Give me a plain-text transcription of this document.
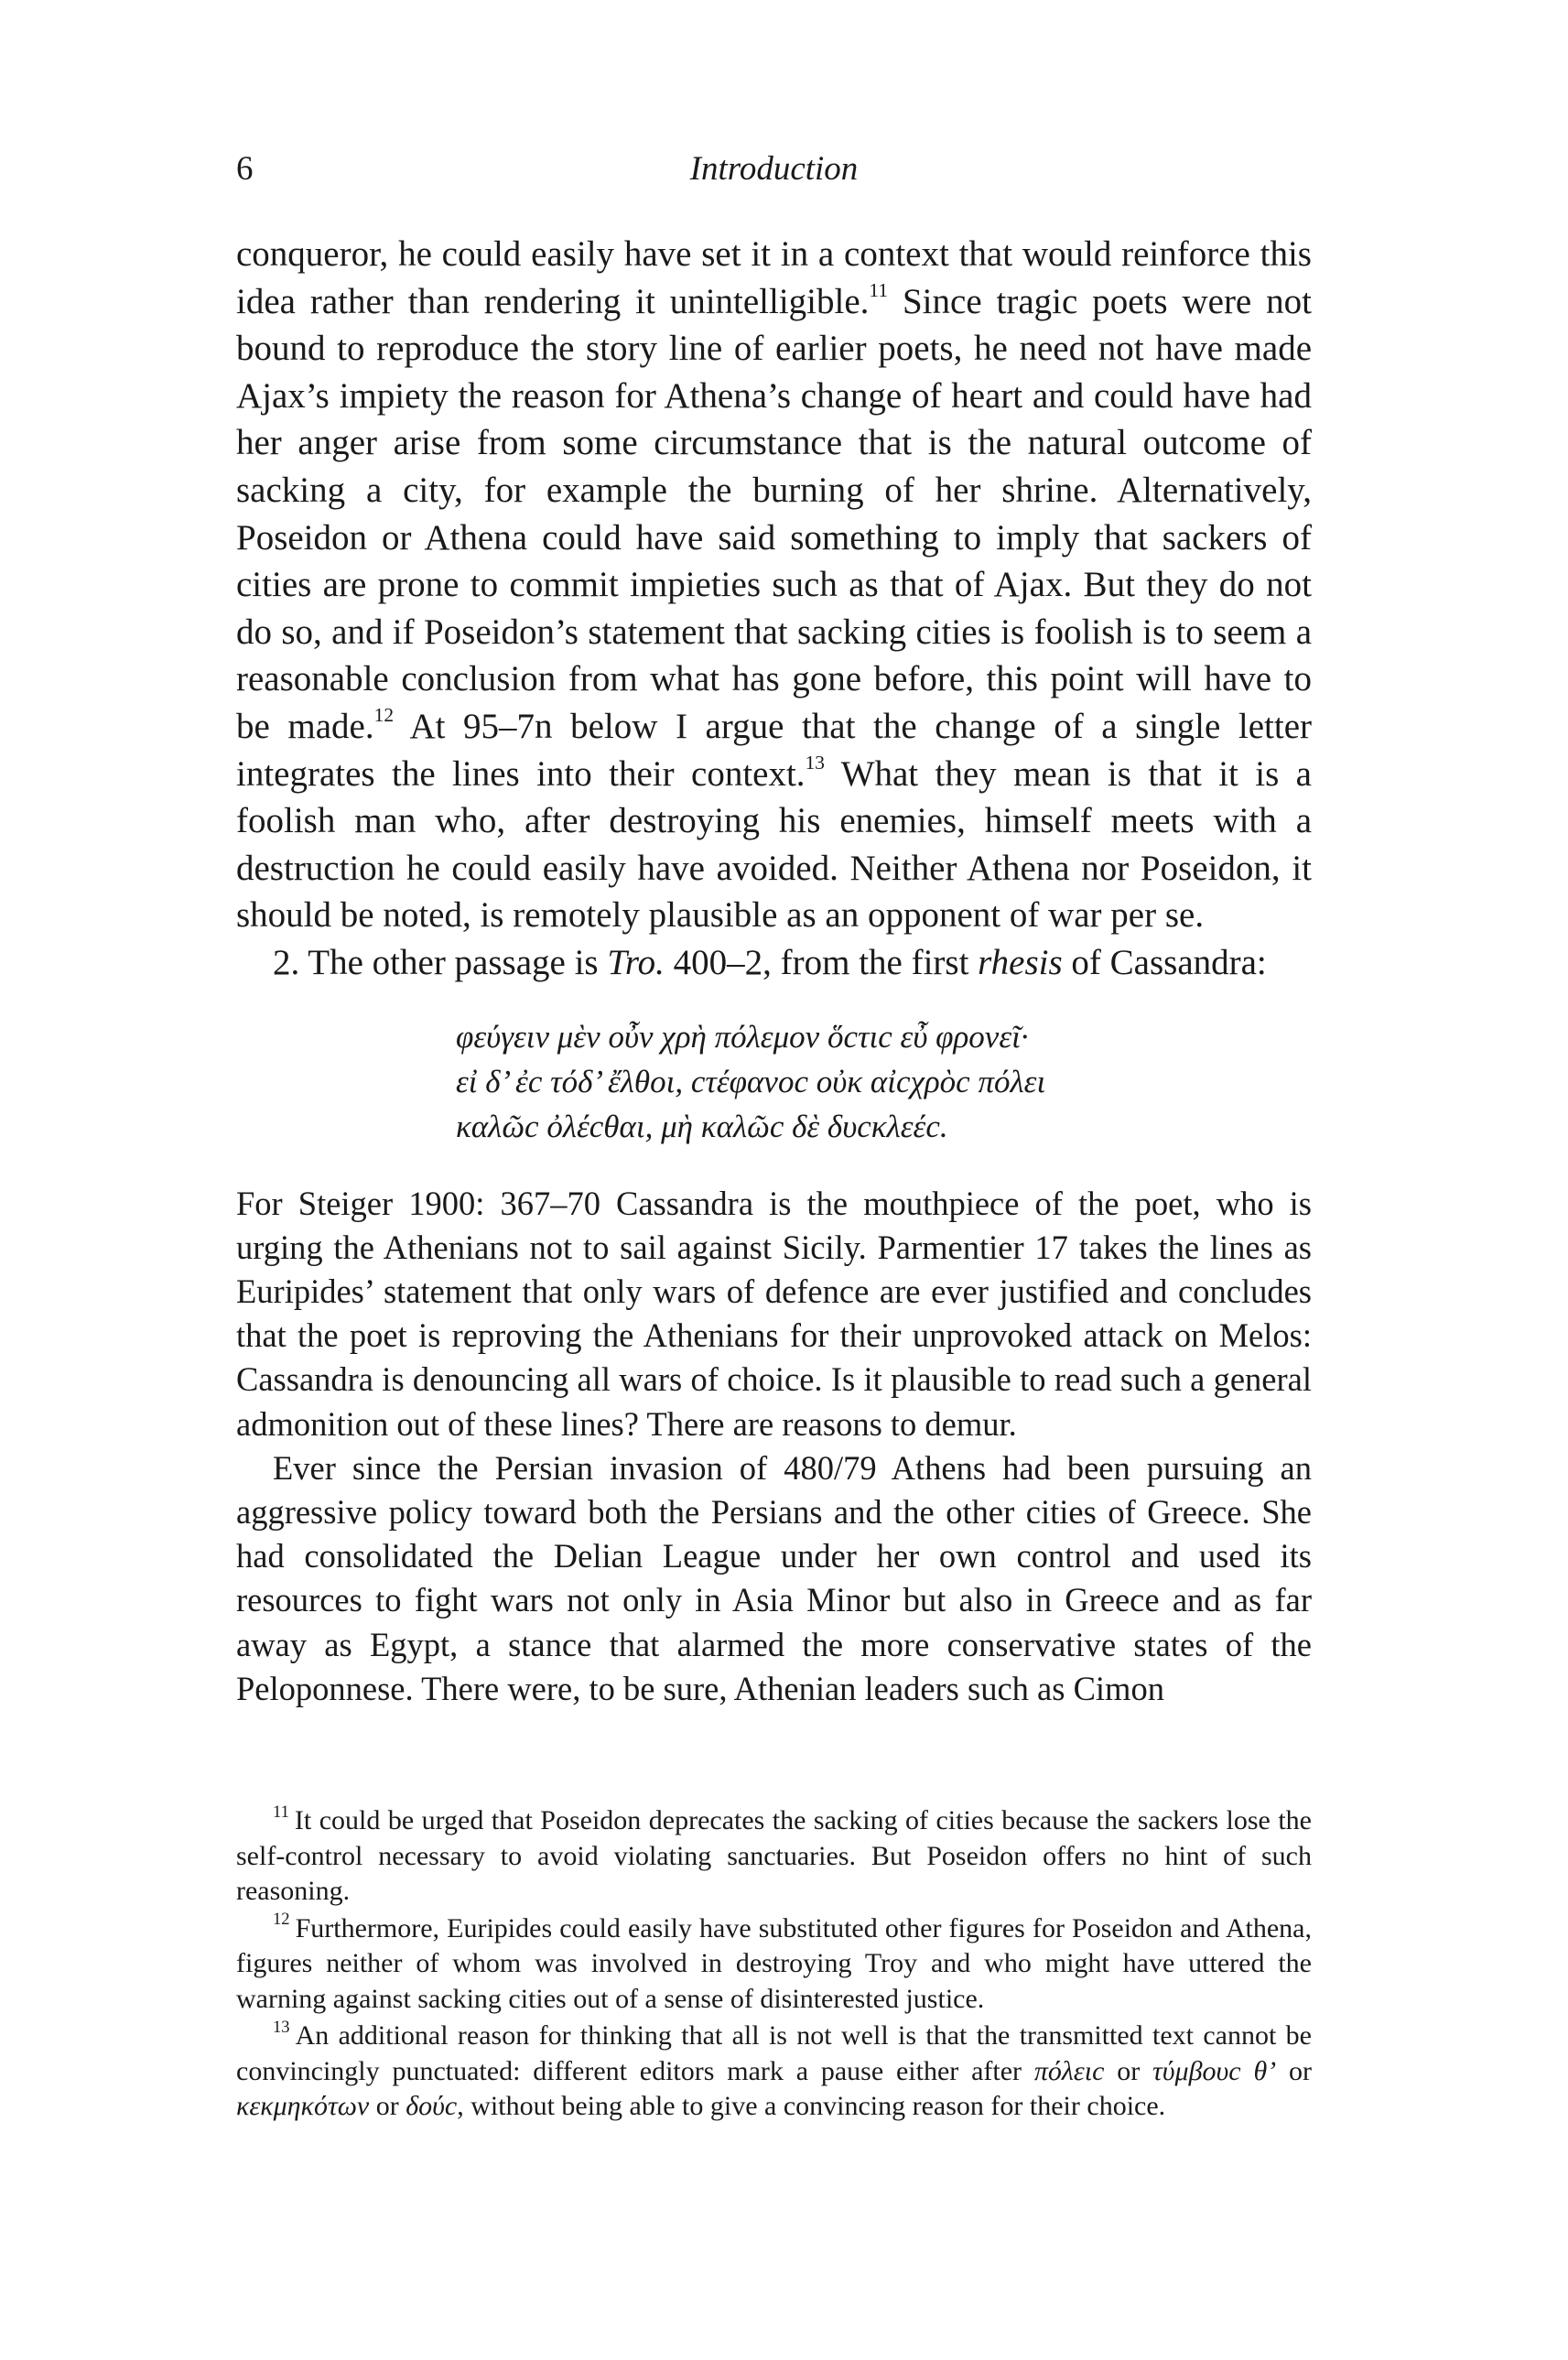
6	Introduction

conqueror, he could easily have set it in a context that would reinforce this idea rather than rendering it unintelligible.$^{11}$ Since tragic poets were not bound to reproduce the story line of earlier poets, he need not have made Ajax’s impiety the reason for Athena’s change of heart and could have had her anger arise from some circumstance that is the natural outcome of sacking a city, for example the burning of her shrine. Alternatively, Poseidon or Athena could have said something to imply that sackers of cities are prone to commit impieties such as that of Ajax. But they do not do so, and if Poseidon’s statement that sacking cities is foolish is to seem a reasonable conclusion from what has gone before, this point will have to be made.$^{12}$ At 95–7n below I argue that the change of a single letter integrates the lines into their context.$^{13}$ What they mean is that it is a foolish man who, after destroying his enemies, himself meets with a destruction he could easily have avoided. Neither Athena nor Poseidon, it should be noted, is remotely plausible as an opponent of war per se.

2. The other passage is Tro. 400–2, from the first rhesis of Cassandra:

φεύγειν μὲν οὖν χρὴ πόλεμον ὅcτιc εὖ φρονεῖ·
εἰ δ’ ἐc τόδ’ ἔλθοι, cτέφανοc οὐκ αἰcχρὸc πόλει
καλῶc ὀλέcθαι, μὴ καλῶc δὲ δυcκλεέc.

For Steiger 1900: 367–70 Cassandra is the mouthpiece of the poet, who is urging the Athenians not to sail against Sicily. Parmentier 17 takes the lines as Euripides’ statement that only wars of defence are ever justified and concludes that the poet is reproving the Athenians for their unprovoked attack on Melos: Cassandra is denouncing all wars of choice. Is it plausible to read such a general admonition out of these lines? There are reasons to demur.

Ever since the Persian invasion of 480/79 Athens had been pursuing an aggressive policy toward both the Persians and the other cities of Greece. She had consolidated the Delian League under her own control and used its resources to fight wars not only in Asia Minor but also in Greece and as far away as Egypt, a stance that alarmed the more conservative states of the Peloponnese. There were, to be sure, Athenian leaders such as Cimon

$^{11}$ It could be urged that Poseidon deprecates the sacking of cities because the sackers lose the self-control necessary to avoid violating sanctuaries. But Poseidon offers no hint of such reasoning.

$^{12}$ Furthermore, Euripides could easily have substituted other figures for Poseidon and Athena, figures neither of whom was involved in destroying Troy and who might have uttered the warning against sacking cities out of a sense of disinterested justice.

$^{13}$ An additional reason for thinking that all is not well is that the transmitted text cannot be convincingly punctuated: different editors mark a pause either after πόλειc or τύμβουc θ’ or κεκμηκότων or δούc, without being able to give a convincing reason for their choice.
